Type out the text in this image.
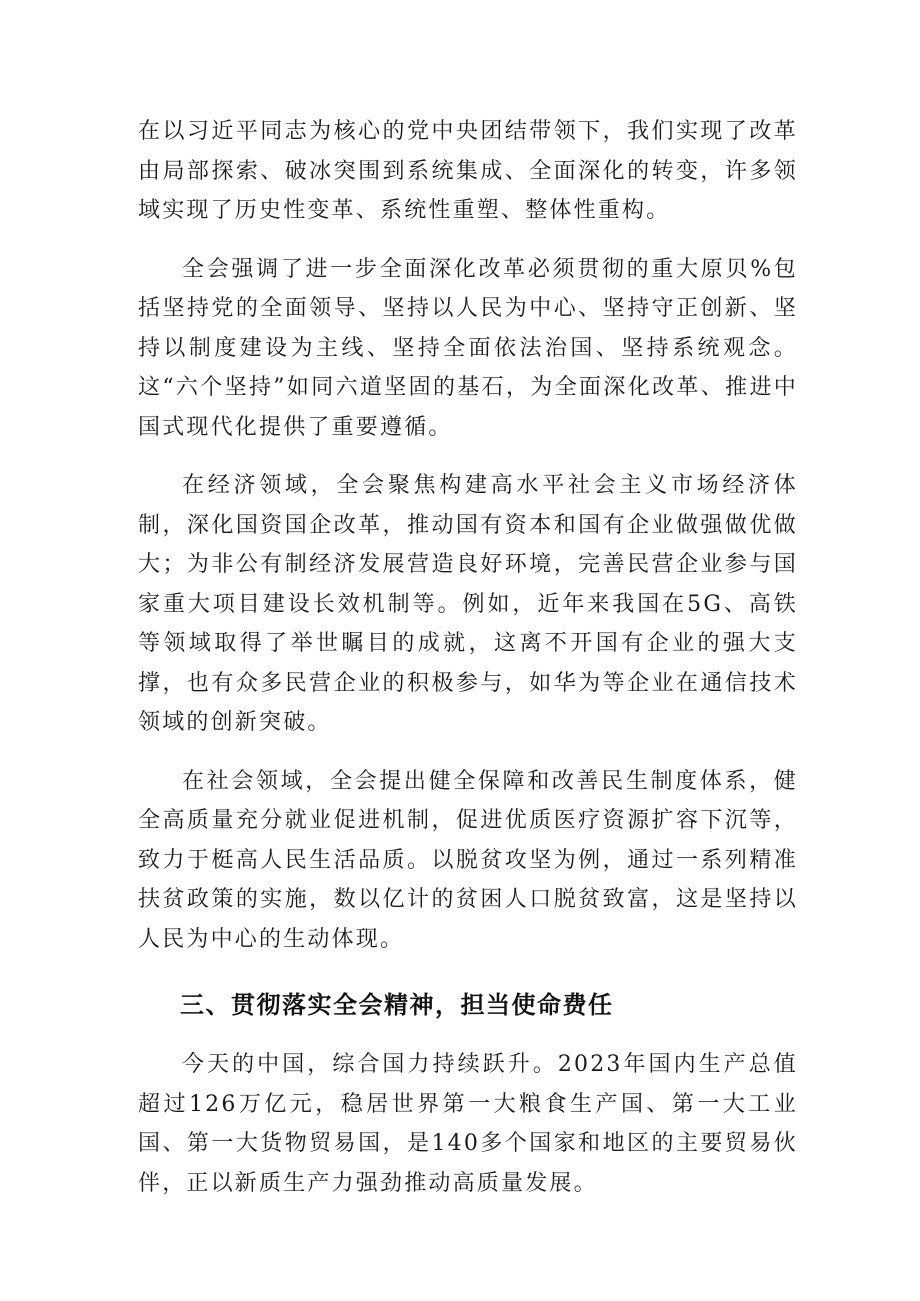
在以习近平同志为核心的党中央团结带领下，我们实现了改革由局部探索、破冰突围到系统集成、全面深化的转变，许多领域实现了历史性变革、系统性重塑、整体性重构。

全会强调了进一步全面深化改革必须贯彻的重大原贝%包括坚持党的全面领导、坚持以人民为中心、坚持守正创新、坚持以制度建设为主线、坚持全面依法治国、坚持系统观念。这“六个坚持”如同六道坚固的基石，为全面深化改革、推进中国式现代化提供了重要遵循。

在经济领域，全会聚焦构建高水平社会主义市场经济体制，深化国资国企改革，推动国有资本和国有企业做强做优做大；为非公有制经济发展营造良好环境，完善民营企业参与国家重大项目建设长效机制等。例如，近年来我国在5G、高铁等领域取得了举世瞩目的成就，这离不开国有企业的强大支撑，也有众多民营企业的积极参与，如华为等企业在通信技术领域的创新突破。

在社会领域，全会提出健全保障和改善民生制度体系，健全高质量充分就业促进机制，促进优质医疗资源扩容下沉等，致力于梃高人民生活品质。以脱贫攻坚为例，通过一系列精准扶贫政策的实施，数以亿计的贫困人口脱贫致富，这是坚持以人民为中心的生动体现。

三、贯彻落实全会精神，担当使命费任

今天的中国，综合国力持续跃升。2023年国内生产总值超过126万亿元，稳居世界第一大粮食生产国、第一大工业国、第一大货物贸易国，是140多个国家和地区的主要贸易伙伴，正以新质生产力强劲推动高质量发展。
